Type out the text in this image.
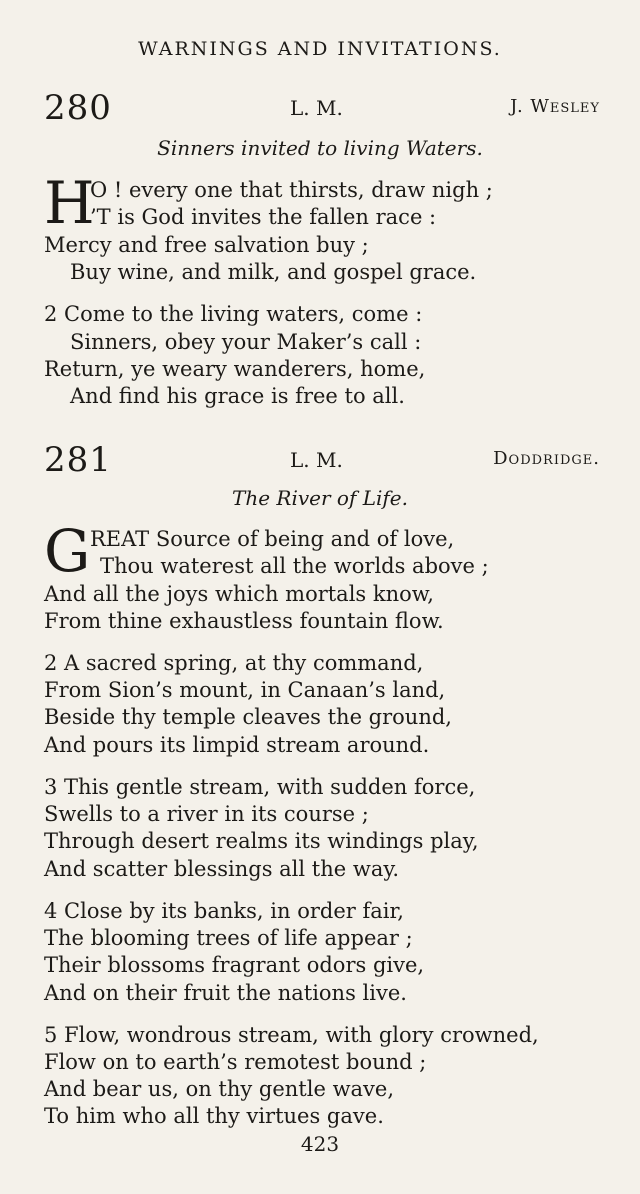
WARNINGS AND INVITATIONS.
280	L. M.	J. Wesley
Sinners invited to living Waters.
H
O ! every one that thirsts, draw nigh ;
’T is God invites the fallen race :
Mercy and free salvation buy ;
Buy wine, and milk, and gospel grace.
2 Come to the living waters, come :
Sinners, obey your Maker’s call :
Return, ye weary wanderers, home,
And find his grace is free to all.
281	L. M.	Doddridge.
The River of Life.
G REAT Source of being and of love,
Thou waterest all the worlds above ;
And all the joys which mortals know,
From thine exhaustless fountain flow.
2 A sacred spring, at thy command,
From Sion’s mount, in Canaan’s land,
Beside thy temple cleaves the ground,
And pours its limpid stream around.
3 This gentle stream, with sudden force,
Swells to a river in its course ;
Through desert realms its windings play,
And scatter blessings all the way.
4 Close by its banks, in order fair,
The blooming trees of life appear ;
Their blossoms fragrant odors give,
And on their fruit the nations live.
5 Flow, wondrous stream, with glory crowned,
Flow on to earth’s remotest bound ;
And bear us, on thy gentle wave,
To him who all thy virtues gave.
423
